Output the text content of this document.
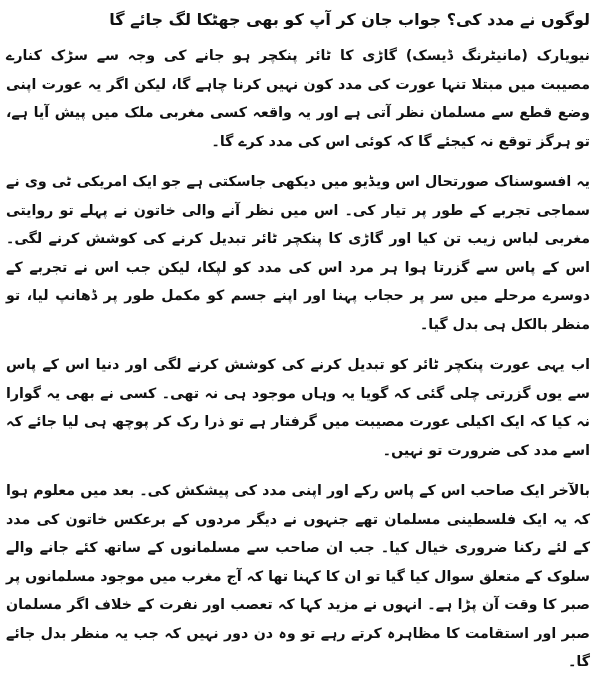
لوگوں نے مدد کی؟ جواب جان کر آپ کو بھی جھٹکا لگ جائے گا

نیویارک (مانیٹرنگ ڈیسک) گاڑی کا ٹائر پنکچر ہو جانے کی وجہ سے سڑک کنارے مصیبت میں مبتلا تنہا عورت کی مدد کون نہیں کرنا چاہے گا، لیکن اگر یہ عورت اپنی وضع قطع سے مسلمان نظر آتی ہے اور یہ واقعہ کسی مغربی ملک میں پیش آیا ہے، تو ہرگز توقع نہ کیجئے گا کہ کوئی اس کی مدد کرے گا۔

یہ افسوسناک صورتحال اس ویڈیو میں دیکھی جاسکتی ہے جو ایک امریکی ٹی وی نے سماجی تجربے کے طور پر تیار کی۔ اس میں نظر آنے والی خاتون نے پہلے تو روایتی مغربی لباس زیب تن کیا اور گاڑی کا پنکچر ٹائر تبدیل کرنے کی کوشش کرنے لگی۔ اس کے پاس سے گزرتا ہوا ہر مرد اس کی مدد کو لپکا، لیکن جب اس نے تجربے کے دوسرے مرحلے میں سر پر حجاب پہنا اور اپنے جسم کو مکمل طور پر ڈھانپ لیا، تو منظر بالکل ہی بدل گیا۔

اب یہی عورت پنکچر ٹائر کو تبدیل کرنے کی کوشش کرنے لگی اور دنیا اس کے پاس سے یوں گزرتی چلی گئی کہ گویا یہ وہاں موجود ہی نہ تھی۔ کسی نے بھی یہ گوارا نہ کیا کہ ایک اکیلی عورت مصیبت میں گرفتار ہے تو ذرا رک کر پوچھ ہی لیا جائے کہ اسے مدد کی ضرورت تو نہیں۔

بالآخر ایک صاحب اس کے پاس رکے اور اپنی مدد کی پیشکش کی۔ بعد میں معلوم ہوا کہ یہ ایک فلسطینی مسلمان تھے جنہوں نے دیگر مردوں کے برعکس خاتون کی مدد کے لئے رکنا ضروری خیال کیا۔ جب ان صاحب سے مسلمانوں کے ساتھ کئے جانے والے سلوک کے متعلق سوال کیا گیا تو ان کا کہنا تھا کہ آج مغرب میں موجود مسلمانوں پر صبر کا وقت آن پڑا ہے۔ انہوں نے مزید کہا کہ تعصب اور نفرت کے خلاف اگر مسلمان صبر اور استقامت کا مظاہرہ کرتے رہے تو وہ دن دور نہیں کہ جب یہ منظر بدل جائے گا۔
